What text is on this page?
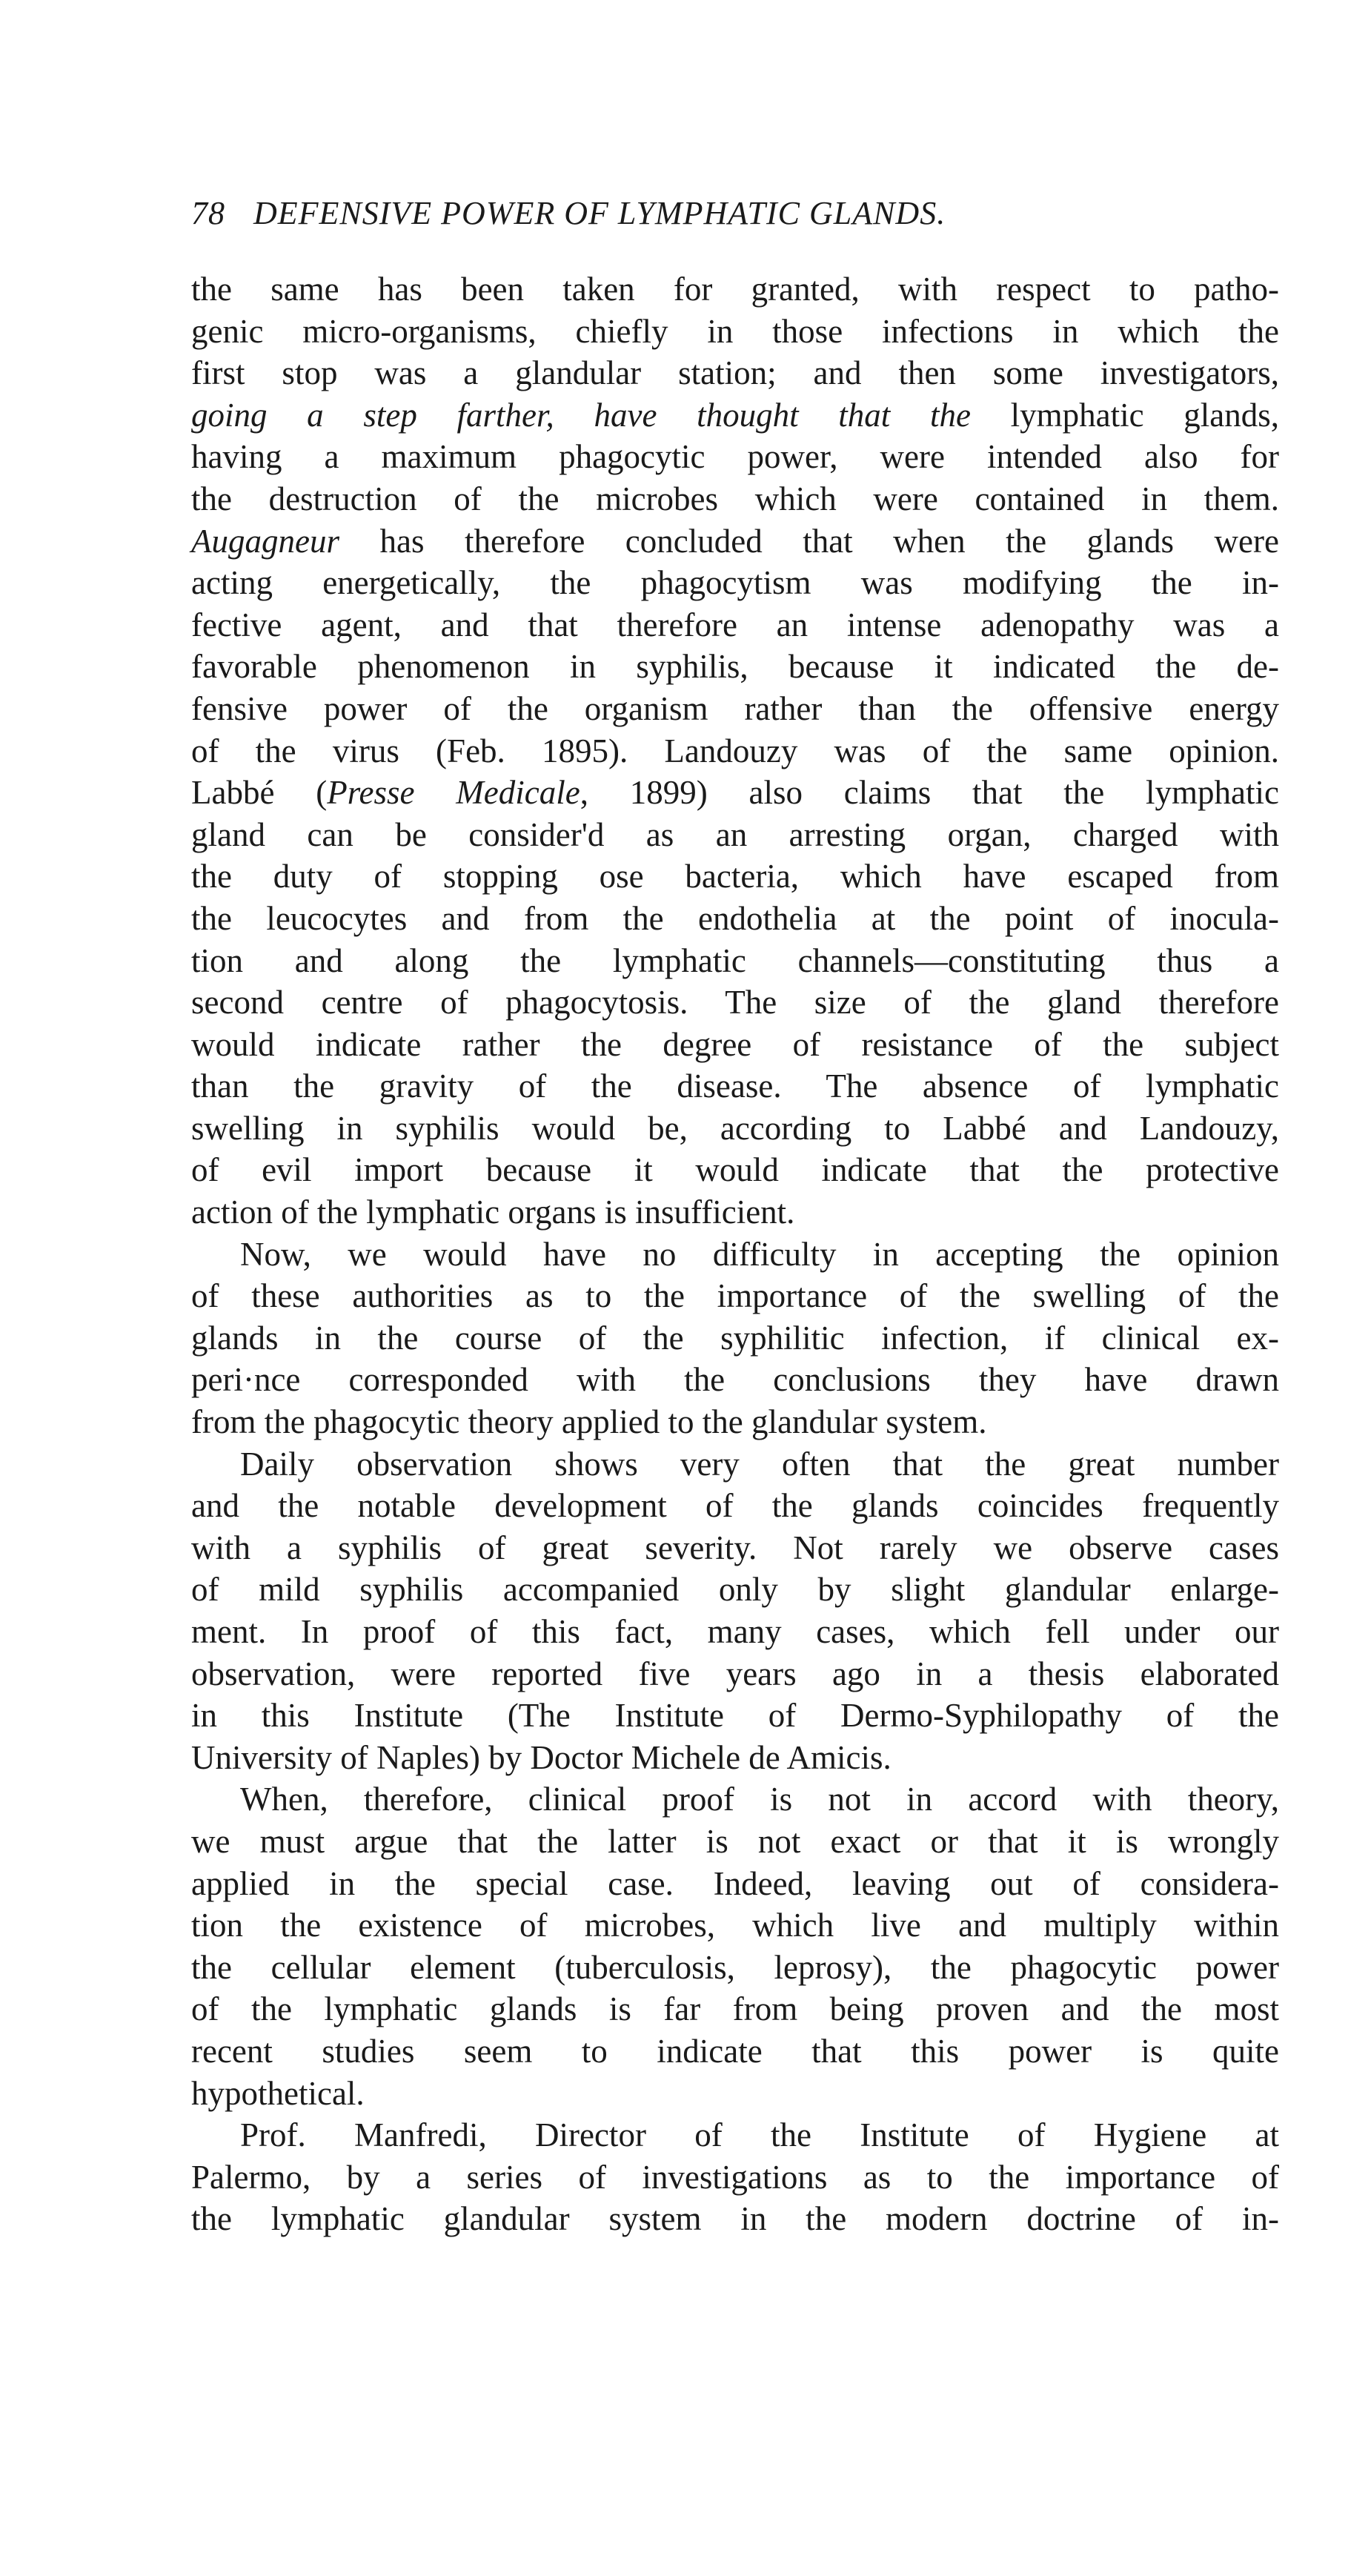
78 DEFENSIVE POWER OF LYMPHATIC GLANDS.
the same has been taken for granted, with respect to patho-
genic micro-organisms, chiefly in those infections in which the
first stop was a glandular station; and then some investigators,
going a step farther, have thought that the lymphatic glands,
having a maximum phagocytic power, were intended also for
the destruction of the microbes which were contained in them.
Augagneur has therefore concluded that when the glands were
acting energetically, the phagocytism was modifying the in-
fective agent, and that therefore an intense adenopathy was a
favorable phenomenon in syphilis, because it indicated the de-
fensive power of the organism rather than the offensive energy
of the virus (Feb. 1895). Landouzy was of the same opinion.
Labbé (Presse Medicale, 1899) also claims that the lymphatic
gland can be consider'd as an arresting organ, charged with
the duty of stopping ose bacteria, which have escaped from
the leucocytes and from the endothelia at the point of inocula-
tion and along the lymphatic channels—constituting thus a
second centre of phagocytosis. The size of the gland therefore
would indicate rather the degree of resistance of the subject
than the gravity of the disease. The absence of lymphatic
swelling in syphilis would be, according to Labbé and Landouzy,
of evil import because it would indicate that the protective
action of the lymphatic organs is insufficient.
Now, we would have no difficulty in accepting the opinion
of these authorities as to the importance of the swelling of the
glands in the course of the syphilitic infection, if clinical ex-
peri·nce corresponded with the conclusions they have drawn
from the phagocytic theory applied to the glandular system.
Daily observation shows very often that the great number
and the notable development of the glands coincides frequently
with a syphilis of great severity. Not rarely we observe cases
of mild syphilis accompanied only by slight glandular enlarge-
ment. In proof of this fact, many cases, which fell under our
observation, were reported five years ago in a thesis elaborated
in this Institute (The Institute of Dermo-Syphilopathy of the
University of Naples) by Doctor Michele de Amicis.
When, therefore, clinical proof is not in accord with theory,
we must argue that the latter is not exact or that it is wrongly
applied in the special case. Indeed, leaving out of considera-
tion the existence of microbes, which live and multiply within
the cellular element (tuberculosis, leprosy), the phagocytic power
of the lymphatic glands is far from being proven and the most
recent studies seem to indicate that this power is quite
hypothetical.
Prof. Manfredi, Director of the Institute of Hygiene at
Palermo, by a series of investigations as to the importance of
the lymphatic glandular system in the modern doctrine of in-
